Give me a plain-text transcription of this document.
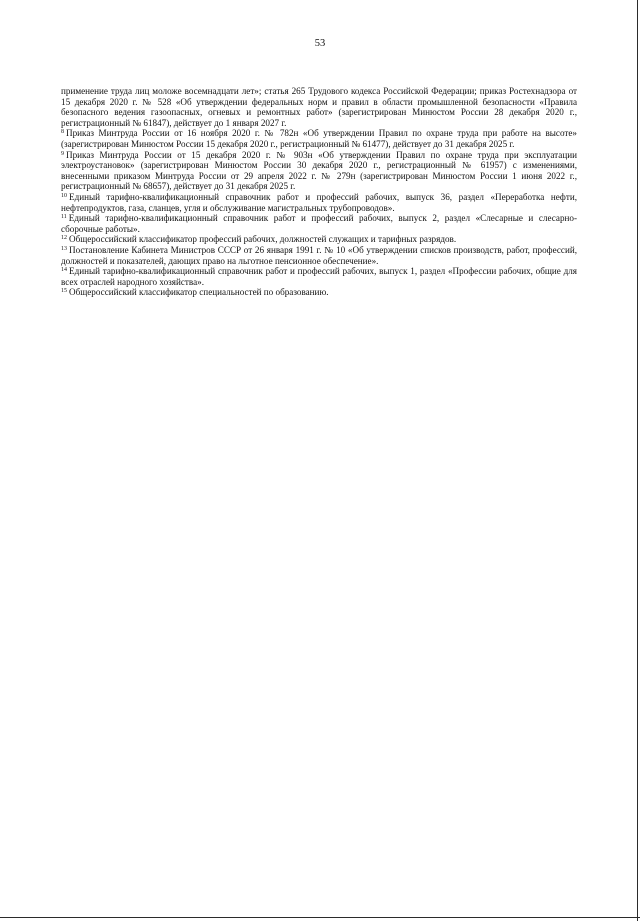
53
применение труда лиц моложе восемнадцати лет»; статья 265 Трудового кодекса Российской Федерации; приказ Ростехнадзора от 15 декабря 2020 г. № 528 «Об утверждении федеральных норм и правил в области промышленной безопасности «Правила безопасного ведения газоопасных, огневых и ремонтных работ» (зарегистрирован Минюстом России 28 декабря 2020 г., регистрационный № 61847), действует до 1 января 2027 г.
$^8$ Приказ Минтруда России от 16 ноября 2020 г. № 782н «Об утверждении Правил по охране труда при работе на высоте» (зарегистрирован Минюстом России 15 декабря 2020 г., регистрационный № 61477), действует до 31 декабря 2025 г.
$^9$ Приказ Минтруда России от 15 декабря 2020 г. № 903н «Об утверждении Правил по охране труда при эксплуатации электроустановок» (зарегистрирован Минюстом России 30 декабря 2020 г., регистрационный № 61957) с изменениями, внесенными приказом Минтруда России от 29 апреля 2022 г. № 279н (зарегистрирован Минюстом России 1 июня 2022 г., регистрационный № 68657), действует до 31 декабря 2025 г.
$^{10}$ Единый тарифно-квалификационный справочник работ и профессий рабочих, выпуск 36, раздел «Переработка нефти, нефтепродуктов, газа, сланцев, угля и обслуживание магистральных трубопроводов».
$^{11}$ Единый тарифно-квалификационный справочник работ и профессий рабочих, выпуск 2, раздел «Слесарные и слесарно-сборочные работы».
$^{12}$ Общероссийский классификатор профессий рабочих, должностей служащих и тарифных разрядов.
$^{13}$ Постановление Кабинета Министров СССР от 26 января 1991 г. № 10 «Об утверждении списков производств, работ, профессий, должностей и показателей, дающих право на льготное пенсионное обеспечение».
$^{14}$ Единый тарифно-квалификационный справочник работ и профессий рабочих, выпуск 1, раздел «Профессии рабочих, общие для всех отраслей народного хозяйства».
$^{15}$ Общероссийский классификатор специальностей по образованию.
